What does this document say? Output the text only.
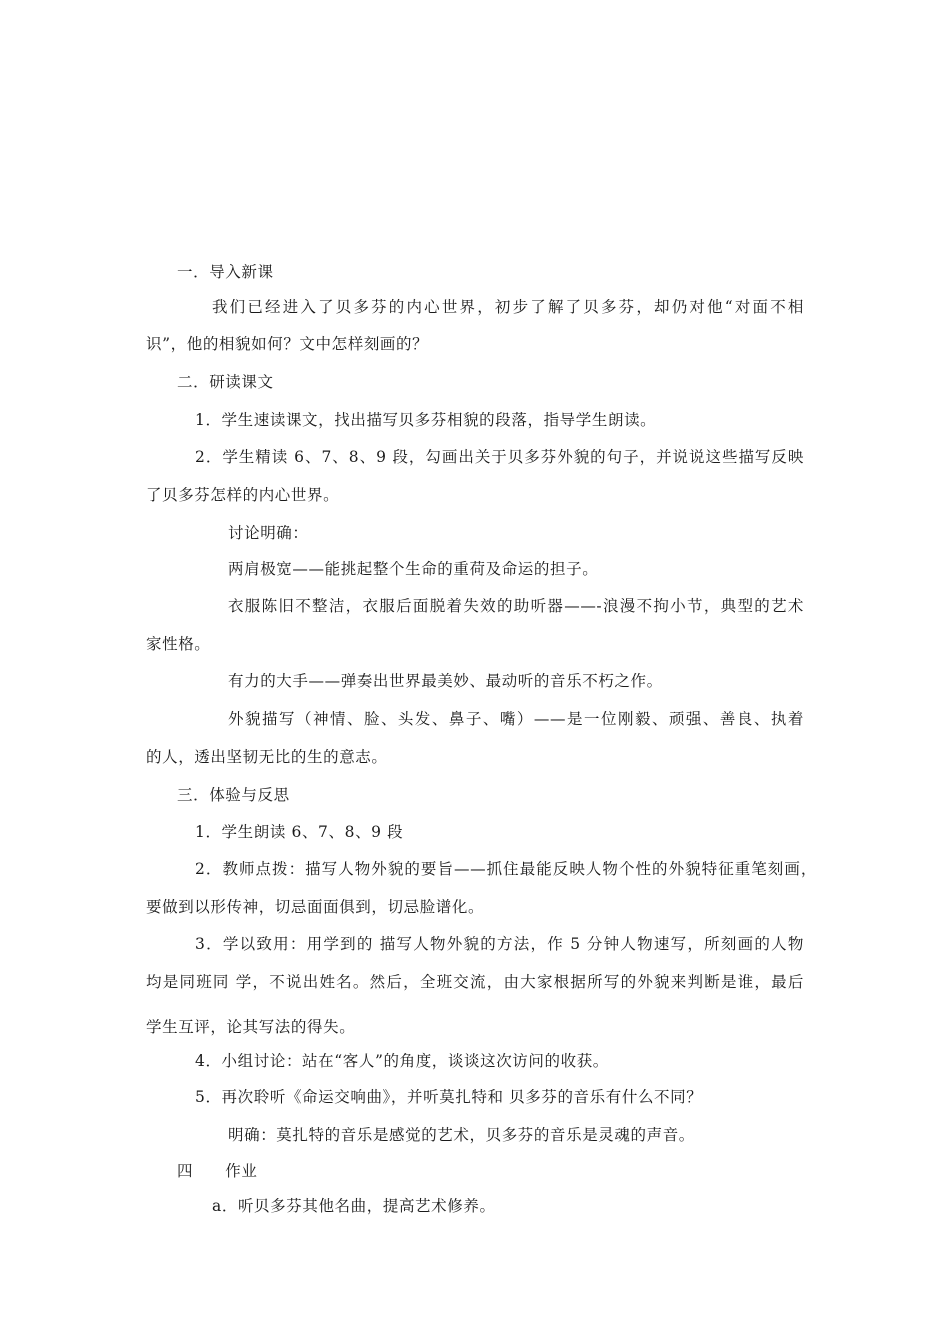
一．导入新课
我们已经进入了贝多芬的内心世界，初步了解了贝多芬，却仍对他“对面不相
识”，他的相貌如何？文中怎样刻画的？
二．研读课文
1．学生速读课文，找出描写贝多芬相貌的段落，指导学生朗读。
2．学生精读 6、7、8、9 段，勾画出关于贝多芬外貌的句子，并说说这些描写反映
了贝多芬怎样的内心世界。
讨论明确：
两肩极宽——能挑起整个生命的重荷及命运的担子。
衣服陈旧不整洁，衣服后面脱着失效的助听器——-浪漫不拘小节，典型的艺术
家性格。
有力的大手——弹奏出世界最美妙、最动听的音乐不朽之作。
外貌描写（神情、脸、头发、鼻子、嘴）——是一位刚毅、顽强、善良、执着
的人，透出坚韧无比的生的意志。
三．体验与反思
1．学生朗读 6、7、8、9 段
2．教师点拨：描写人物外貌的要旨——抓住最能反映人物个性的外貌特征重笔刻画，
要做到以形传神，切忌面面俱到，切忌脸谱化。
3．学以致用：用学到的 描写人物外貌的方法，作 5 分钟人物速写，所刻画的人物
均是同班同 学，不说出姓名。然后，全班交流，由大家根据所写的外貌来判断是谁，最后
学生互评，论其写法的得失。
4．小组讨论：站在“客人”的角度，谈谈这次访问的收获。
5．再次聆听《命运交响曲》，并听莫扎特和 贝多芬的音乐有什么不同？
明确：莫扎特的音乐是感觉的艺术，贝多芬的音乐是灵魂的声音。
四　　作业
a．听贝多芬其他名曲，提高艺术修养。
